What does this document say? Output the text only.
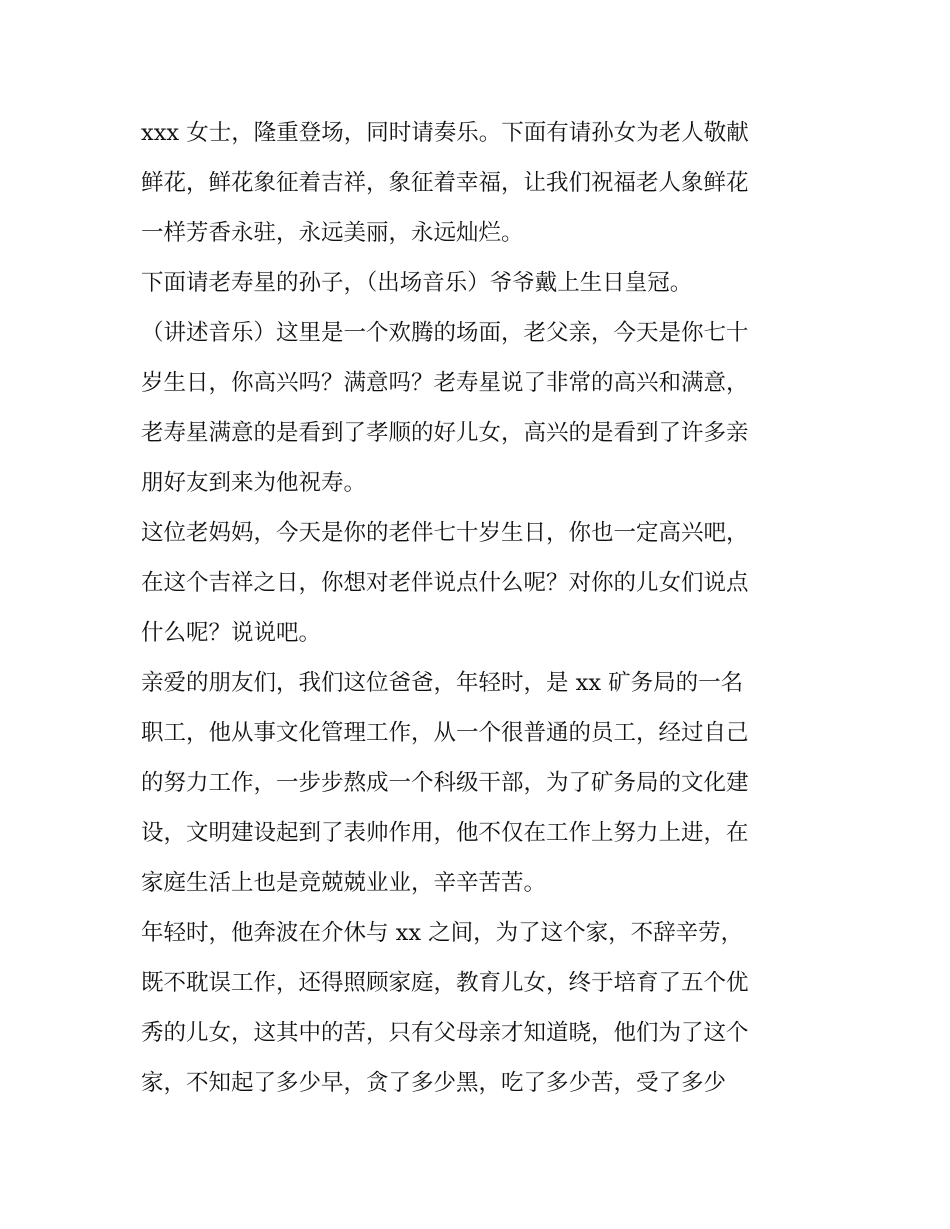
xxx 女士，隆重登场，同时请奏乐。下面有请孙女为老人敬献
鲜花，鲜花象征着吉祥，象征着幸福，让我们祝福老人象鲜花
一样芳香永驻，永远美丽，永远灿烂。

下面请老寿星的孙子，（出场音乐）爷爷戴上生日皇冠。

（讲述音乐）这里是一个欢腾的场面，老父亲，今天是你七十
岁生日，你高兴吗？满意吗？老寿星说了非常的高兴和满意，
老寿星满意的是看到了孝顺的好儿女，高兴的是看到了许多亲
朋好友到来为他祝寿。

这位老妈妈，今天是你的老伴七十岁生日，你也一定高兴吧，
在这个吉祥之日，你想对老伴说点什么呢？对你的儿女们说点
什么呢？说说吧。

亲爱的朋友们，我们这位爸爸，年轻时，是 xx 矿务局的一名
职工，他从事文化管理工作，从一个很普通的员工，经过自己
的努力工作，一步步熬成一个科级干部，为了矿务局的文化建
设，文明建设起到了表帅作用，他不仅在工作上努力上进，在
家庭生活上也是竞兢兢业业，辛辛苦苦。

年轻时，他奔波在介休与 xx 之间，为了这个家，不辞辛劳，
既不耽误工作，还得照顾家庭，教育儿女，终于培育了五个优
秀的儿女，这其中的苦，只有父母亲才知道晓，他们为了这个
家，不知起了多少早，贪了多少黑，吃了多少苦，受了多少
